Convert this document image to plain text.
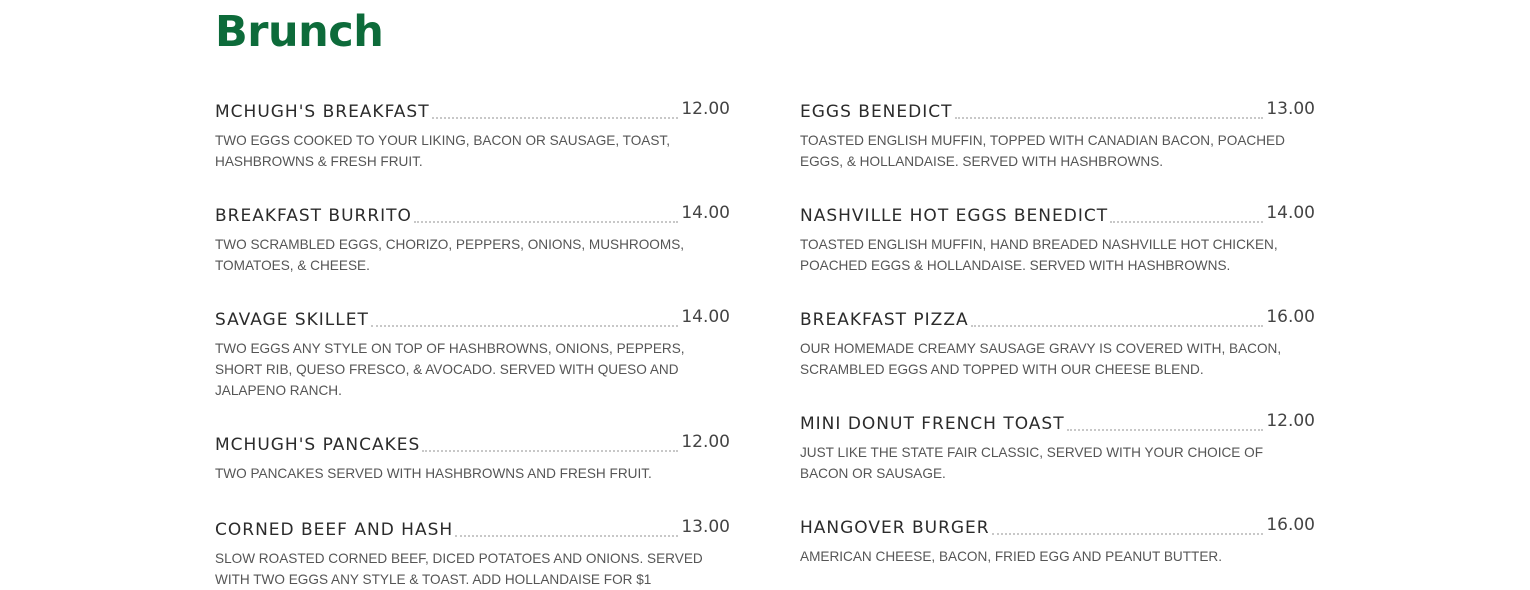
Brunch
MCHUGH'S BREAKFAST	12.00
TWO EGGS COOKED TO YOUR LIKING, BACON OR SAUSAGE, TOAST, HASHBROWNS & FRESH FRUIT.
BREAKFAST BURRITO	14.00
TWO SCRAMBLED EGGS, CHORIZO, PEPPERS, ONIONS, MUSHROOMS, TOMATOES, & CHEESE.
SAVAGE SKILLET	14.00
TWO EGGS ANY STYLE ON TOP OF HASHBROWNS, ONIONS, PEPPERS, SHORT RIB, QUESO FRESCO, & AVOCADO. SERVED WITH QUESO AND JALAPENO RANCH.
MCHUGH'S PANCAKES	12.00
TWO PANCAKES SERVED WITH HASHBROWNS AND FRESH FRUIT.
CORNED BEEF AND HASH	13.00
SLOW ROASTED CORNED BEEF, DICED POTATOES AND ONIONS. SERVED WITH TWO EGGS ANY STYLE & TOAST. ADD HOLLANDAISE FOR $1
EGGS BENEDICT	13.00
TOASTED ENGLISH MUFFIN, TOPPED WITH CANADIAN BACON, POACHED EGGS, & HOLLANDAISE. SERVED WITH HASHBROWNS.
NASHVILLE HOT EGGS BENEDICT	14.00
TOASTED ENGLISH MUFFIN, HAND BREADED NASHVILLE HOT CHICKEN, POACHED EGGS & HOLLANDAISE. SERVED WITH HASHBROWNS.
BREAKFAST PIZZA	16.00
OUR HOMEMADE CREAMY SAUSAGE GRAVY IS COVERED WITH, BACON, SCRAMBLED EGGS AND TOPPED WITH OUR CHEESE BLEND.
MINI DONUT FRENCH TOAST	12.00
JUST LIKE THE STATE FAIR CLASSIC, SERVED WITH YOUR CHOICE OF BACON OR SAUSAGE.
HANGOVER BURGER	16.00
AMERICAN CHEESE, BACON, FRIED EGG AND PEANUT BUTTER.
